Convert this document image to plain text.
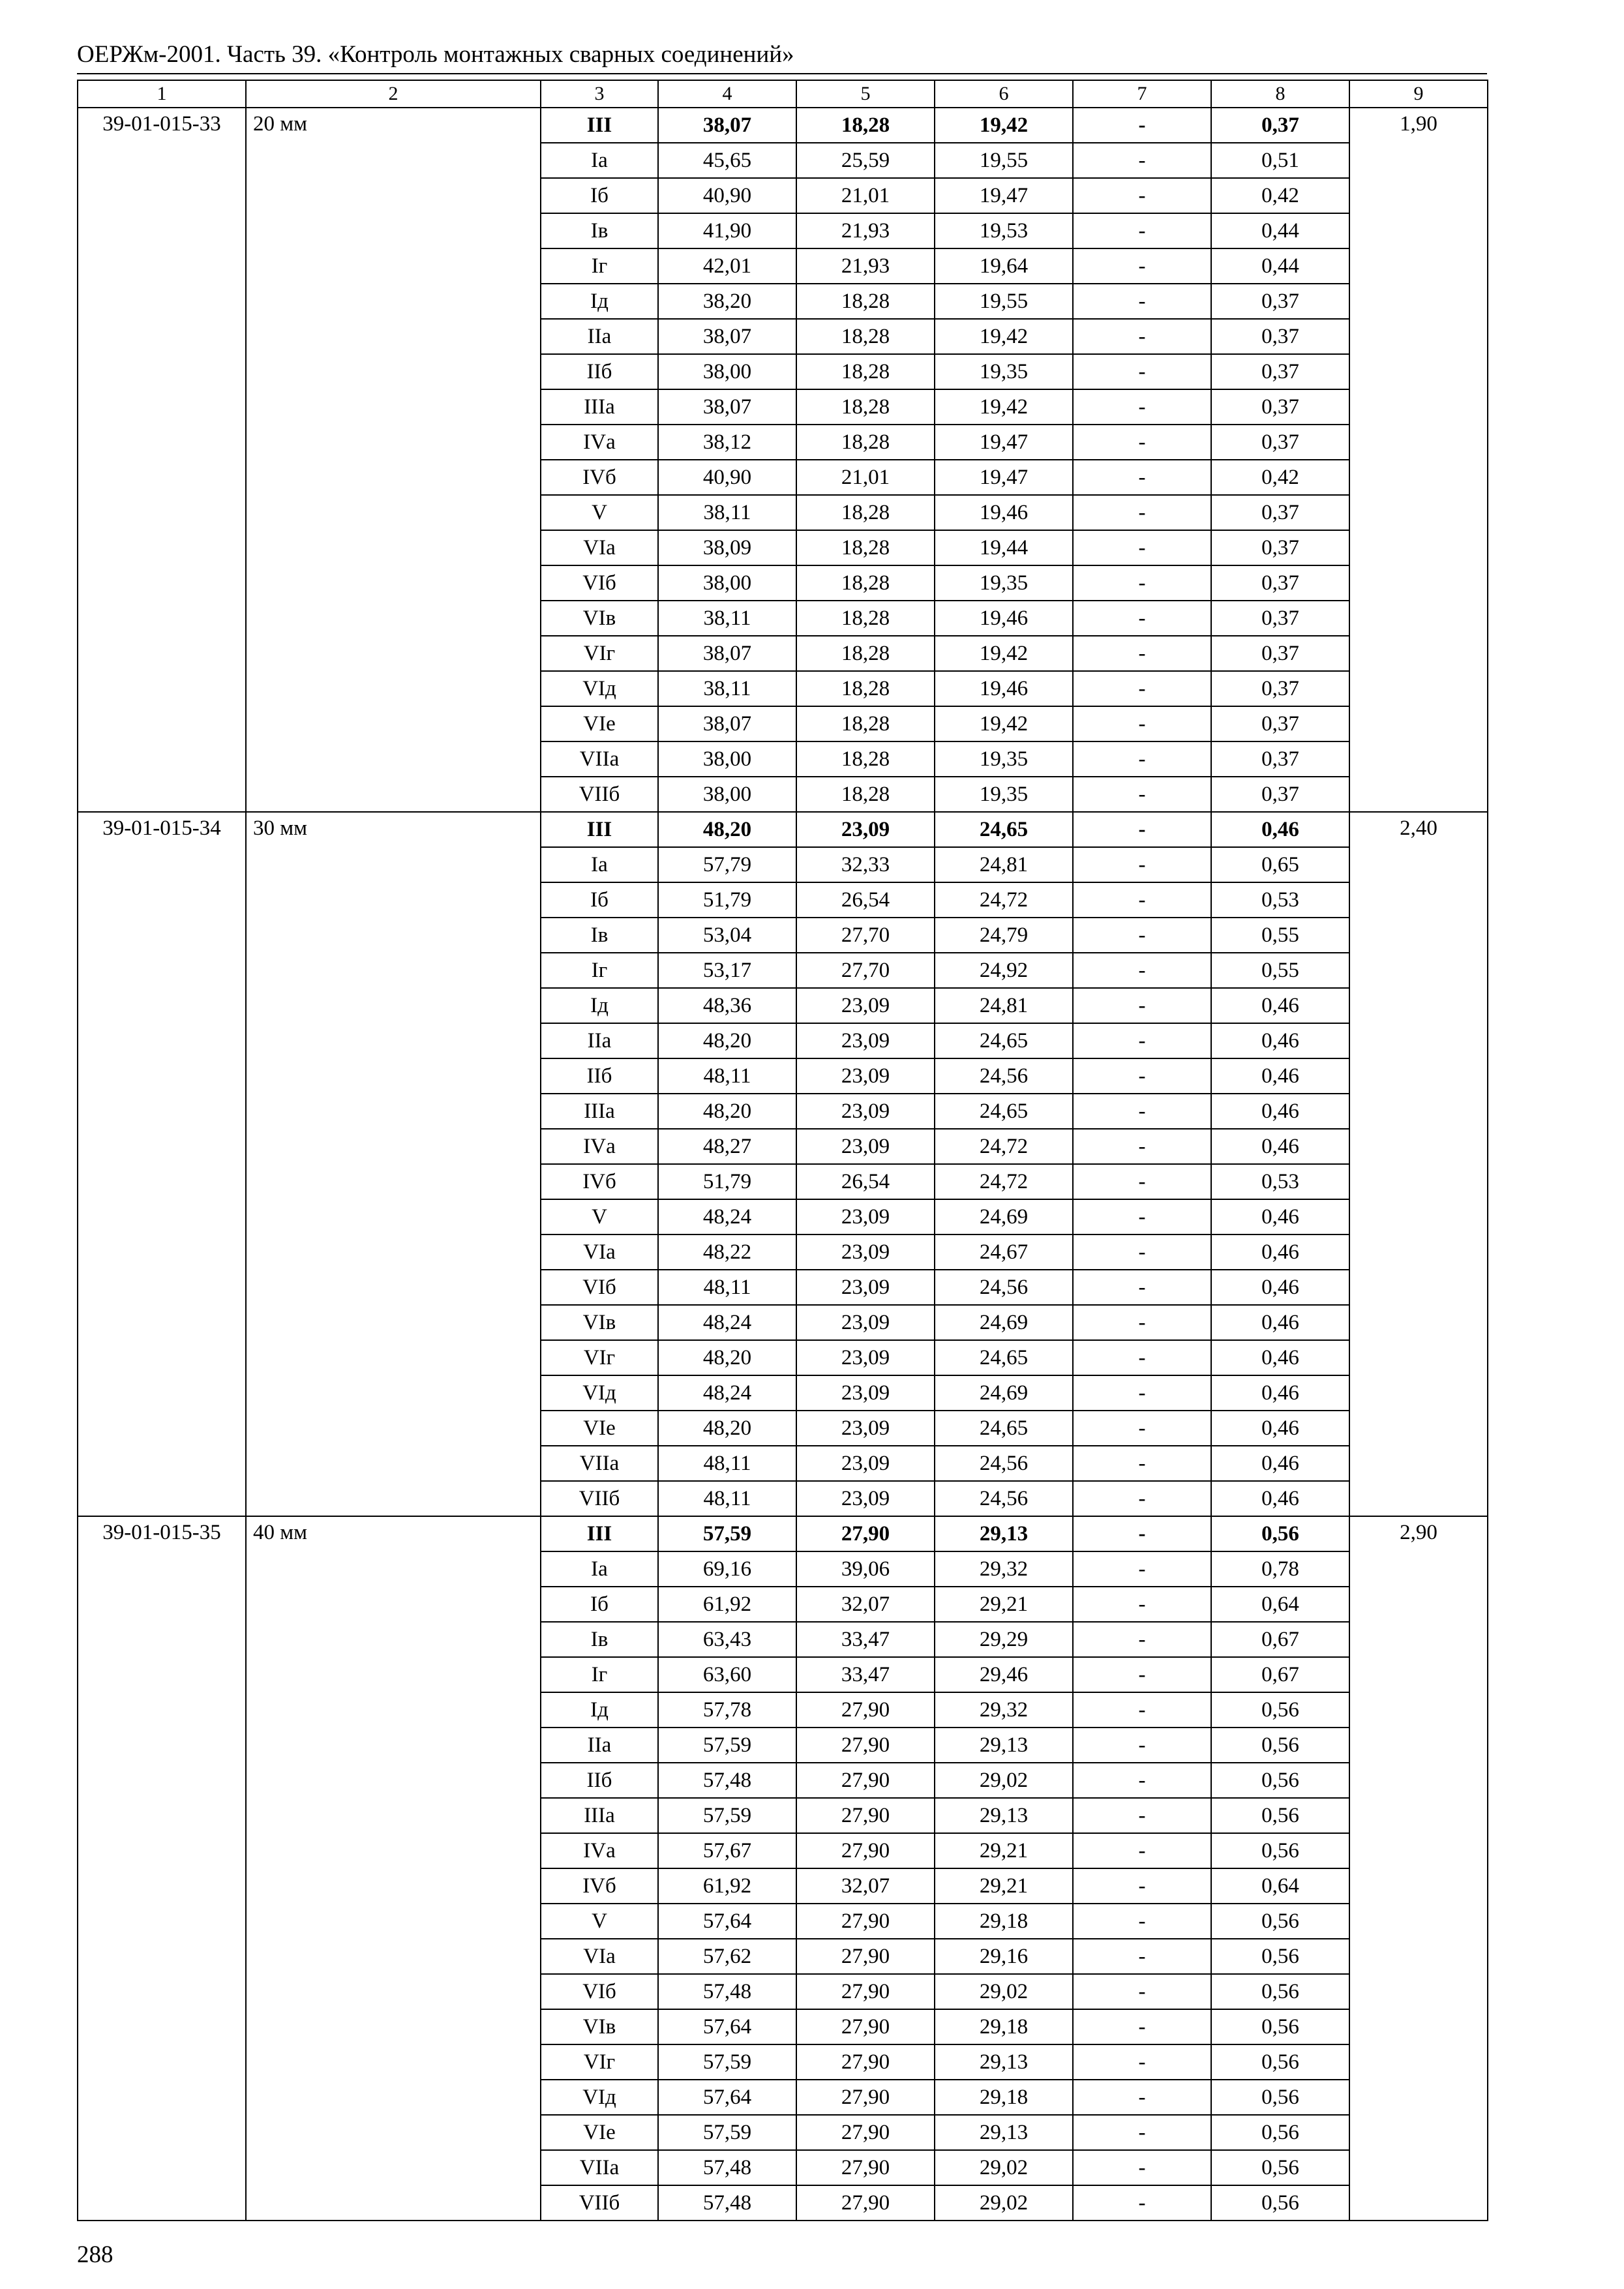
ОЕРЖм-2001. Часть 39. «Контроль монтажных сварных соединений»
1	2	3	4	5	6	7	8	9
39-01-015-33	20 мм	III	38,07	18,28	19,42	-	0,37	1,90
		Iа	45,65	25,59	19,55	-	0,51	
		Iб	40,90	21,01	19,47	-	0,42	
		Iв	41,90	21,93	19,53	-	0,44	
		Iг	42,01	21,93	19,64	-	0,44	
		Iд	38,20	18,28	19,55	-	0,37	
		IIа	38,07	18,28	19,42	-	0,37	
		IIб	38,00	18,28	19,35	-	0,37	
		IIIа	38,07	18,28	19,42	-	0,37	
		IVа	38,12	18,28	19,47	-	0,37	
		IVб	40,90	21,01	19,47	-	0,42	
		V	38,11	18,28	19,46	-	0,37	
		VIа	38,09	18,28	19,44	-	0,37	
		VIб	38,00	18,28	19,35	-	0,37	
		VIв	38,11	18,28	19,46	-	0,37	
		VIг	38,07	18,28	19,42	-	0,37	
		VIд	38,11	18,28	19,46	-	0,37	
		VIе	38,07	18,28	19,42	-	0,37	
		VIIа	38,00	18,28	19,35	-	0,37	
		VIIб	38,00	18,28	19,35	-	0,37	
39-01-015-34	30 мм	III	48,20	23,09	24,65	-	0,46	2,40
		Iа	57,79	32,33	24,81	-	0,65	
		Iб	51,79	26,54	24,72	-	0,53	
		Iв	53,04	27,70	24,79	-	0,55	
		Iг	53,17	27,70	24,92	-	0,55	
		Iд	48,36	23,09	24,81	-	0,46	
		IIа	48,20	23,09	24,65	-	0,46	
		IIб	48,11	23,09	24,56	-	0,46	
		IIIа	48,20	23,09	24,65	-	0,46	
		IVа	48,27	23,09	24,72	-	0,46	
		IVб	51,79	26,54	24,72	-	0,53	
		V	48,24	23,09	24,69	-	0,46	
		VIа	48,22	23,09	24,67	-	0,46	
		VIб	48,11	23,09	24,56	-	0,46	
		VIв	48,24	23,09	24,69	-	0,46	
		VIг	48,20	23,09	24,65	-	0,46	
		VIд	48,24	23,09	24,69	-	0,46	
		VIе	48,20	23,09	24,65	-	0,46	
		VIIа	48,11	23,09	24,56	-	0,46	
		VIIб	48,11	23,09	24,56	-	0,46	
39-01-015-35	40 мм	III	57,59	27,90	29,13	-	0,56	2,90
		Iа	69,16	39,06	29,32	-	0,78	
		Iб	61,92	32,07	29,21	-	0,64	
		Iв	63,43	33,47	29,29	-	0,67	
		Iг	63,60	33,47	29,46	-	0,67	
		Iд	57,78	27,90	29,32	-	0,56	
		IIа	57,59	27,90	29,13	-	0,56	
		IIб	57,48	27,90	29,02	-	0,56	
		IIIа	57,59	27,90	29,13	-	0,56	
		IVа	57,67	27,90	29,21	-	0,56	
		IVб	61,92	32,07	29,21	-	0,64	
		V	57,64	27,90	29,18	-	0,56	
		VIа	57,62	27,90	29,16	-	0,56	
		VIб	57,48	27,90	29,02	-	0,56	
		VIв	57,64	27,90	29,18	-	0,56	
		VIг	57,59	27,90	29,13	-	0,56	
		VIд	57,64	27,90	29,18	-	0,56	
		VIе	57,59	27,90	29,13	-	0,56	
		VIIа	57,48	27,90	29,02	-	0,56	
		VIIб	57,48	27,90	29,02	-	0,56	
288
